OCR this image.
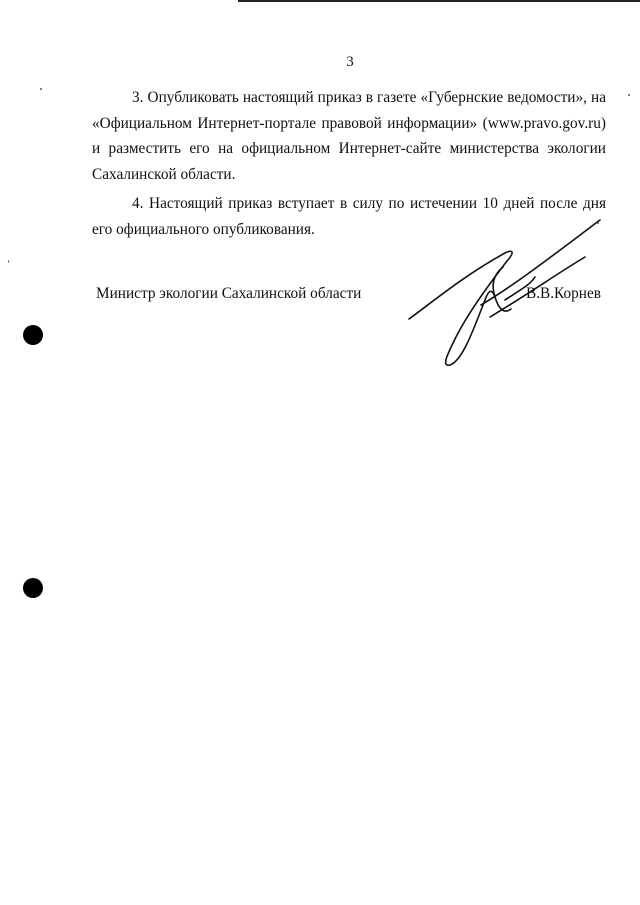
3

3. Опубликовать настоящий приказ в газете «Губернские ведомости», на «Официальном Интернет-портале правовой информации» (www.pravo.gov.ru) и разместить его на официальном Интернет-сайте министерства экологии Сахалинской области.

4. Настоящий приказ вступает в силу по истечении 10 дней после дня его официального опубликования.

Министр экологии Сахалинской области	В.В.Корнев
